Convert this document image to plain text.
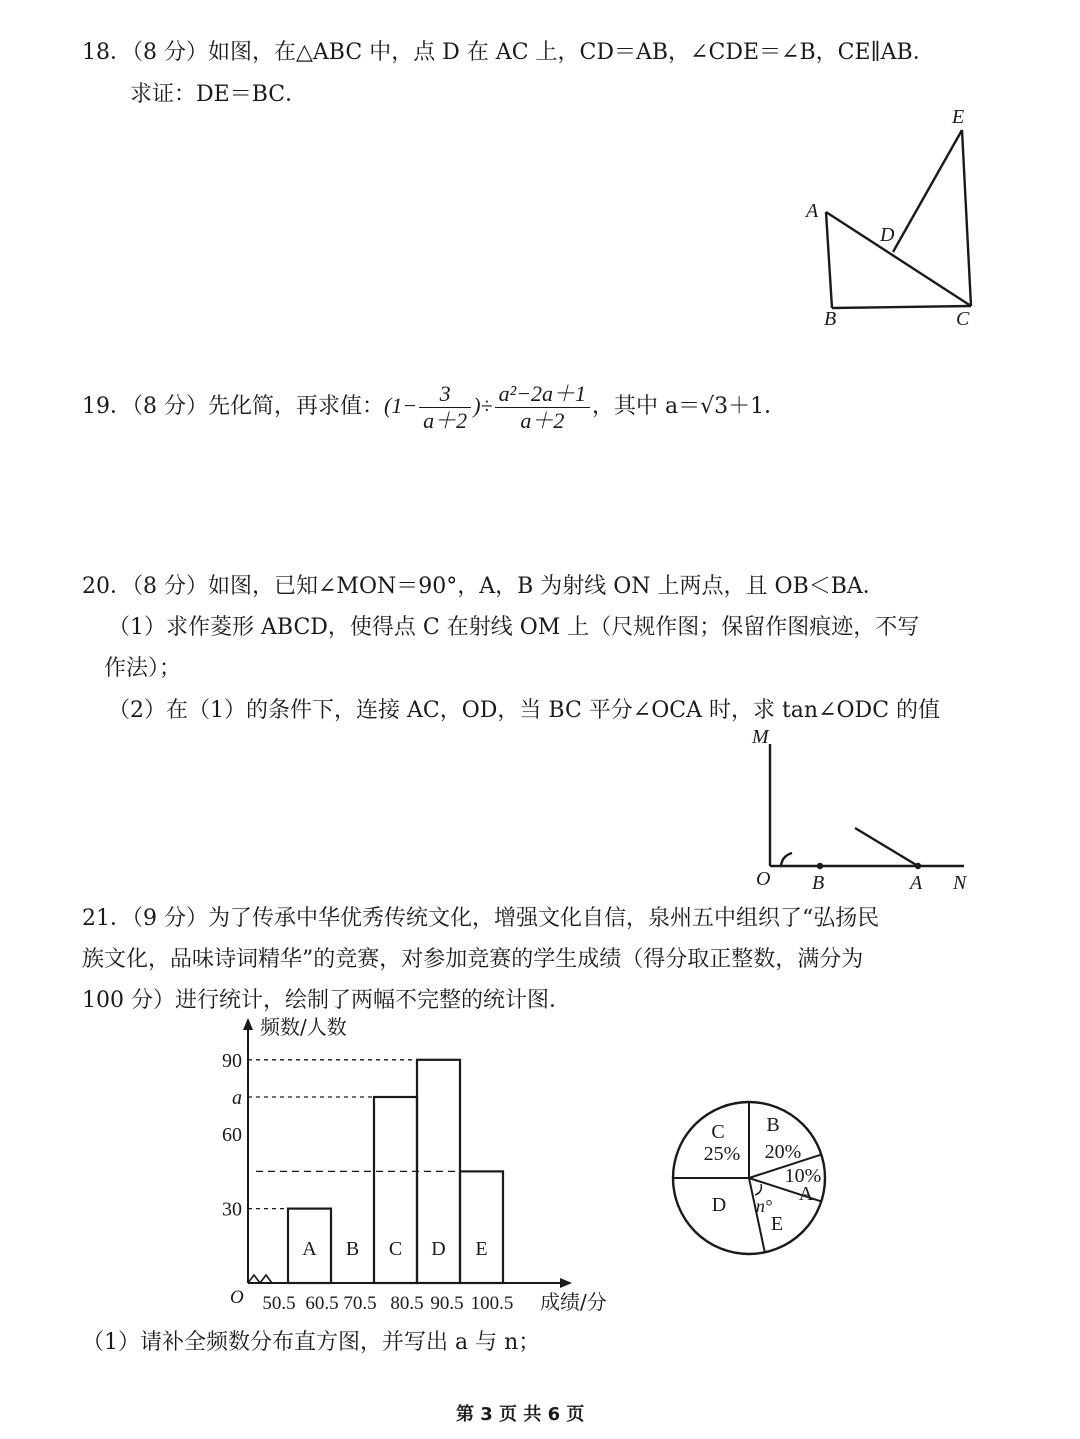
18．（8 分）如图，在△ABC 中，点 D 在 AC 上，CD＝AB，∠CDE＝∠B，CE∥AB．
求证：DE＝BC．
E
A
D
B	C
19．（8 分）先化简，再求值：($1- \frac{3}{a+2}$ )÷ $\frac{\text{a²−2a＋1}}{a+2}$ ，其中 a＝√3＋1．
20．（8 分）如图，已知∠MON＝90°，A，B 为射线 ON 上两点，且 OB＜BA．
（1）求作菱形 ABCD，使得点 C 在射线 OM 上（尺规作图；保留作图痕迹，不写
作法）；
（2）在（1）的条件下，连接 AC，OD，当 BC 平分∠OCA 时，求 tan∠ODC 的值
M
O B	A N
21．（9 分）为了传承中华优秀传统文化，增强文化自信，泉州五中组织了“弘扬民
族文化，品味诗词精华”的竞赛，对参加竞赛的学生成绩（得分取正整数，满分为
100 分）进行统计，绘制了两幅不完整的统计图．
频数/人数
成绩/分
O 50.5 60.5 70.5 80.5 90.5 100.5
30
60
a
90
A B C D E
A
10%
B
20%
C
25%
D
E
n°
（1）请补全频数分布直方图，并写出 a 与 n；
第 3 页 共 6 页
